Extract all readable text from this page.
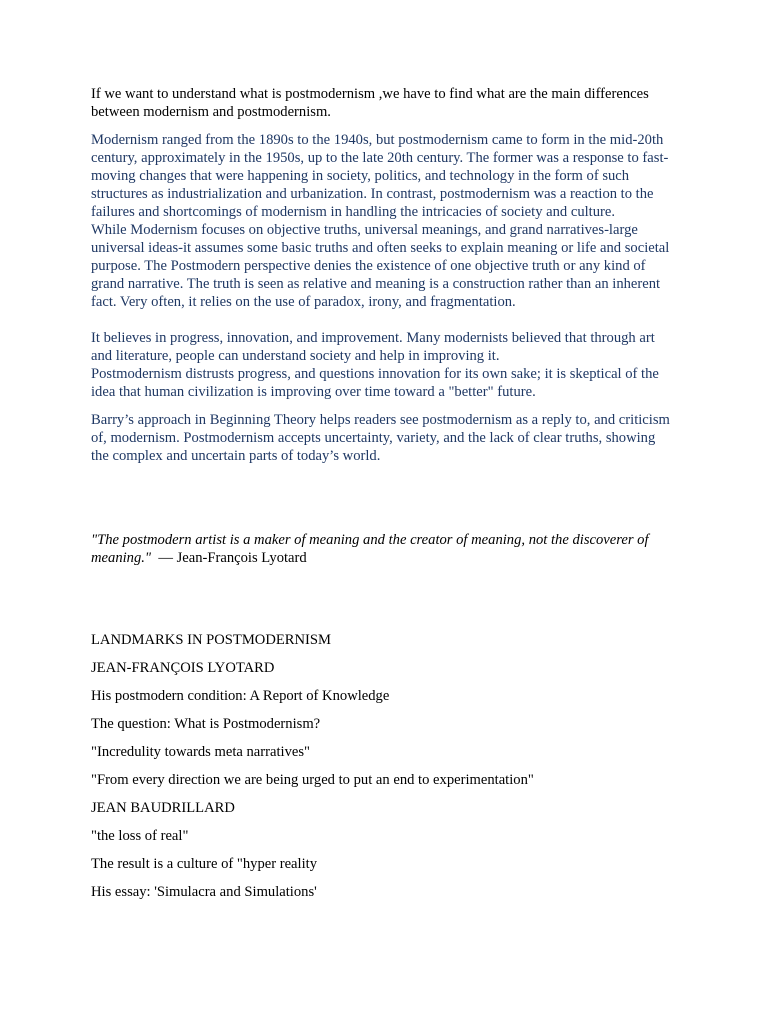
If we want to understand what is postmodernism ,we have to find what are the main differences between modernism and postmodernism.

Modernism ranged from the 1890s to the 1940s, but postmodernism came to form in the mid-20th century, approximately in the 1950s, up to the late 20th century. The former was a response to fast-moving changes that were happening in society, politics, and technology in the form of such structures as industrialization and urbanization. In contrast, postmodernism was a reaction to the failures and shortcomings of modernism in handling the intricacies of society and culture.

While Modernism focuses on objective truths, universal meanings, and grand narratives-large universal ideas-it assumes some basic truths and often seeks to explain meaning or life and societal purpose. The Postmodern perspective denies the existence of one objective truth or any kind of grand narrative. The truth is seen as relative and meaning is a construction rather than an inherent fact. Very often, it relies on the use of paradox, irony, and fragmentation.

It believes in progress, innovation, and improvement. Many modernists believed that through art and literature, people can understand society and help in improving it.

Postmodernism distrusts progress, and questions innovation for its own sake; it is skeptical of the idea that human civilization is improving over time toward a "better" future.

Barry’s approach in Beginning Theory helps readers see postmodernism as a reply to, and criticism of, modernism. Postmodernism accepts uncertainty, variety, and the lack of clear truths, showing the complex and uncertain parts of today’s world.

"The postmodern artist is a maker of meaning and the creator of meaning, not the discoverer of meaning."  — Jean-François Lyotard

LANDMARKS IN POSTMODERNISM

JEAN-FRANÇOIS LYOTARD

His postmodern condition: A Report of Knowledge

The question: What is Postmodernism?

"Incredulity towards meta narratives"

"From every direction we are being urged to put an end to experimentation"

JEAN BAUDRILLARD

"the loss of real"

The result is a culture of "hyper reality

His essay: 'Simulacra and Simulations'
